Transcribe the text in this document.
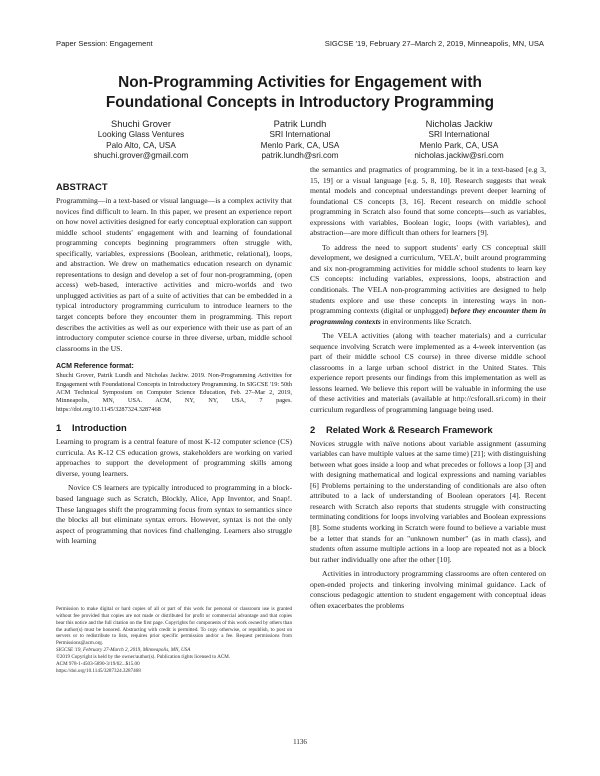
Paper Session: Engagement	SIGCSE '19, February 27–March 2, 2019, Minneapolis, MN, USA
Non-Programming Activities for Engagement with
Foundational Concepts in Introductory Programming
Shuchi Grover
Looking Glass Ventures
Palo Alto, CA, USA
shuchi.grover@gmail.com
Patrik Lundh
SRI International
Menlo Park, CA, USA
patrik.lundh@sri.com
Nicholas Jackiw
SRI International
Menlo Park, CA, USA
nicholas.jackiw@sri.com
ABSTRACT

Programming—in a text-based or visual language—is a complex activity that novices find difficult to learn. In this paper, we present an experience report on how novel activities designed for early conceptual exploration can support middle school students' engagement with and learning of foundational programming concepts beginning programmers often struggle with, specifically, variables, expressions (Boolean, arithmetic, relational), loops, and abstraction. We drew on mathematics education research on dynamic representations to design and develop a set of four non-programming, (open access) web-based, interactive activities and micro-worlds and two unplugged activities as part of a suite of activities that can be embedded in a typical introductory programming curriculum to introduce learners to the target concepts before they encounter them in programming. This report describes the activities as well as our experience with their use as part of an introductory computer science course in three diverse, urban, middle school classrooms in the US.

ACM Reference format:

Shuchi Grover, Patrik Lundh and Nicholas Jackiw. 2019. Non-Programming Activities for Engagement with Foundational Concepts in Introductory Programming. In SIGCSE '19: 50th ACM Technical Symposium on Computer Science Education, Feb. 27–Mar 2, 2019, Minneapolis, MN, USA. ACM, NY, NY, USA, 7 pages. https://doi.org/10.1145/3287324.3287468

1 Introduction

Learning to program is a central feature of most K-12 computer science (CS) curricula. As K-12 CS education grows, stakeholders are working on varied approaches to support the development of programming skills among diverse, young learners.

Novice CS learners are typically introduced to programming in a block-based language such as Scratch, Blockly, Alice, App Inventor, and Snap!. These languages shift the programming focus from syntax to semantics since the blocks all but eliminate syntax errors. However, syntax is not the only aspect of programming that novices find challenging. Learners also struggle with learning

Permission to make digital or hard copies of all or part of this work for personal or classroom use is granted without fee provided that copies are not made or distributed for profit or commercial advantage and that copies bear this notice and the full citation on the first page. Copyrights for components of this work owned by others than the author(s) must be honored. Abstracting with credit is permitted. To copy otherwise, or republish, to post on servers or to redistribute to lists, requires prior specific permission and/or a fee. Request permissions from Permissions@acm.org.

SIGCSE '19, February 27-March 2, 2019, Minneapolis, MN, USA

©2019 Copyright is held by the owner/author(s). Publication rights licensed to ACM.

ACM 978-1-4503-5890-3/19/02...$15.00

https://doi.org/10.1145/3287324.3287468

the semantics and pragmatics of programming, be it in a text-based [e.g 3, 15, 19] or a visual language [e.g. 5, 8, 10]. Research suggests that weak mental models and conceptual understandings prevent deeper learning of foundational CS concepts [3, 16]. Recent research on middle school programming in Scratch also found that some concepts—such as variables, expressions with variables, Boolean logic, loops (with variables), and abstraction—are more difficult than others for learners [9].

To address the need to support students' early CS conceptual skill development, we designed a curriculum, 'VELA', built around programming and six non-programming activities for middle school students to learn key CS concepts: including variables, expressions, loops, abstraction and conditionals. The VELA non-programming activities are designed to help students explore and use these concepts in interesting ways in non-programming contexts (digital or unplugged) before they encounter them in programming contexts in environments like Scratch.

The VELA activities (along with teacher materials) and a curricular sequence involving Scratch were implemented as a 4-week intervention (as part of their middle school CS course) in three diverse middle school classrooms in a large urban school district in the United States. This experience report presents our findings from this implementation as well as lessons learned. We believe this report will be valuable in informing the use of these activities and materials (available at http://csforall.sri.com) in their curriculum regardless of programming language being used.

2 Related Work & Research Framework

Novices struggle with naïve notions about variable assignment (assuming variables can have multiple values at the same time) [21]; with distinguishing between what goes inside a loop and what precedes or follows a loop [3] and with designing mathematical and logical expressions and naming variables [6] Problems pertaining to the understanding of conditionals are also often attributed to a lack of understanding of Boolean operators [4]. Recent research with Scratch also reports that students struggle with constructing terminating conditions for loops involving variables and Boolean expressions [8]. Some students working in Scratch were found to believe a variable must be a letter that stands for an "unknown number" (as in math class), and students often assume multiple actions in a loop are repeated not as a block but rather individually one after the other [10].

Activities in introductory programming classrooms are often centered on open-ended projects and tinkering involving minimal guidance. Lack of conscious pedagogic attention to student engagement with conceptual ideas often exacerbates the problems

1136
